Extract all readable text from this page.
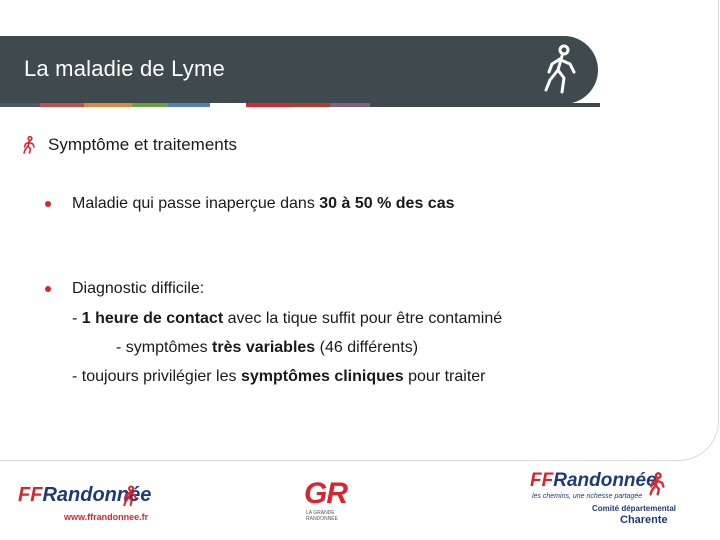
La maladie de Lyme
Symptôme et traitements
Maladie qui passe inaperçue dans 30 à 50 % des cas
Diagnostic difficile:
- 1 heure de contact avec la tique suffit pour être contaminé
- symptômes très variables (46 différents)
- toujours privilégier les symptômes cliniques pour traiter
FFRandonnée
www.ffrandonnee.fr
GR
LA GRANDE
RANDONNÉE
FFRandonnée
les chemins, une richesse partagée
Comité départemental
Charente
